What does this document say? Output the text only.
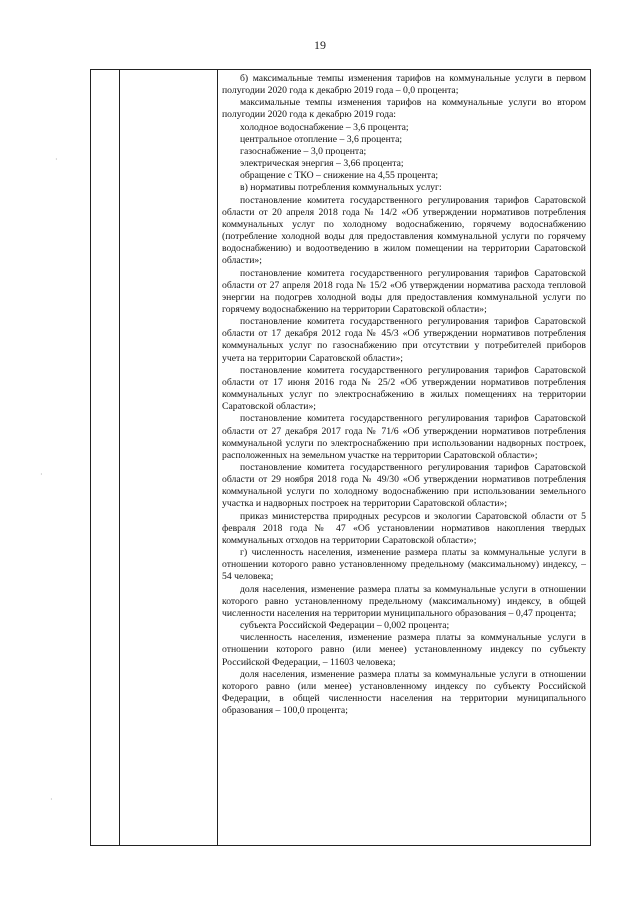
19

б) максимальные темпы изменения тарифов на коммунальные услуги в первом полугодии 2020 года к декабрю 2019 года – 0,0 процента;

максимальные темпы изменения тарифов на коммунальные услуги во втором полугодии 2020 года к декабрю 2019 года:

холодное водоснабжение – 3,6 процента;

центральное отопление – 3,6 процента;

газоснабжение – 3,0 процента;

электрическая энергия – 3,66 процента;

обращение с ТКО – снижение на 4,55 процента;

в) нормативы потребления коммунальных услуг:

постановление комитета государственного регулирования тарифов Саратовской области от 20 апреля 2018 года № 14/2 «Об утверждении нормативов потребления коммунальных услуг по холодному водоснабжению, горячему водоснабжению (потребление холодной воды для предоставления коммунальной услуги по горячему водоснабжению) и водоотведению в жилом помещении на территории Саратовской области»;

постановление комитета государственного регулирования тарифов Саратовской области от 27 апреля 2018 года № 15/2 «Об утверждении норматива расхода тепловой энергии на подогрев холодной воды для предоставления коммунальной услуги по горячему водоснабжению на территории Саратовской области»;

постановление комитета государственного регулирования тарифов Саратовской области от 17 декабря 2012 года № 45/3 «Об утверждении нормативов потребления коммунальных услуг по газоснабжению при отсутствии у потребителей приборов учета на территории Саратовской области»;

постановление комитета государственного регулирования тарифов Саратовской области от 17 июня 2016 года № 25/2 «Об утверждении нормативов потребления коммунальных услуг по электроснабжению в жилых помещениях на территории Саратовской области»;

постановление комитета государственного регулирования тарифов Саратовской области от 27 декабря 2017 года № 71/6 «Об утверждении нормативов потребления коммунальной услуги по электроснабжению при использовании надворных построек, расположенных на земельном участке на территории Саратовской области»;

постановление комитета государственного регулирования тарифов Саратовской области от 29 ноября 2018 года № 49/30 «Об утверждении нормативов потребления коммунальной услуги по холодному водоснабжению при использовании земельного участка и надворных построек на территории Саратовской области»;

приказ министерства природных ресурсов и экологии Саратовской области от 5 февраля 2018 года № 47 «Об установлении нормативов накопления твердых коммунальных отходов на территории Саратовской области»;

г) численность населения, изменение размера платы за коммунальные услуги в отношении которого равно установленному предельному (максимальному) индексу, – 54 человека;

доля населения, изменение размера платы за коммунальные услуги в отношении которого равно установленному предельному (максимальному) индексу, в общей численности населения на территории муниципального образования – 0,47 процента;

субъекта Российской Федерации – 0,002 процента;

численность населения, изменение размера платы за коммунальные услуги в отношении которого равно (или менее) установленному индексу по субъекту Российской Федерации, – 11603 человека;

доля населения, изменение размера платы за коммунальные услуги в отношении которого равно (или менее) установленному индексу по субъекту Российской Федерации, в общей численности населения на территории муниципального образования – 100,0 процента;

·
·
·
